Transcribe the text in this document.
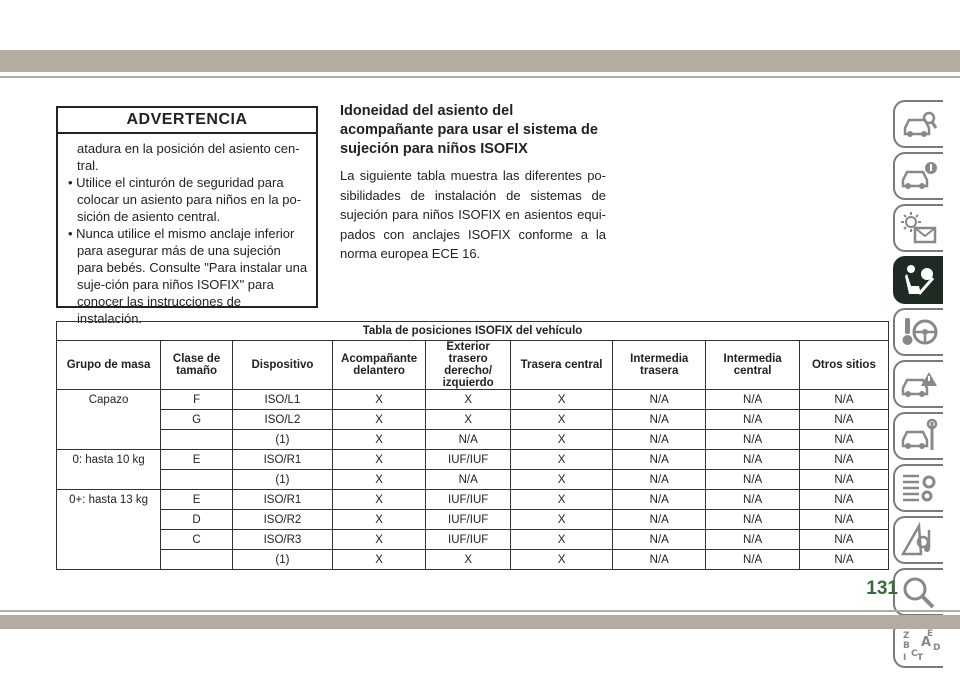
ADVERTENCIA
atadura en la posición del asiento cen-tral.
• Utilice el cinturón de seguridad para colocar un asiento para niños en la po-sición de asiento central.
• Nunca utilice el mismo anclaje inferior para asegurar más de una sujeción para bebés. Consulte "Para instalar una suje-ción para niños ISOFIX" para conocer las instrucciones de instalación.
Idoneidad del asiento del acompañante para usar el sistema de sujeción para niños ISOFIX
La siguiente tabla muestra las diferentes po-sibilidades de instalación de sistemas de sujeción para niños ISOFIX en asientos equi-pados con anclajes ISOFIX conforme a la norma europea ECE 16.
Tabla de posiciones ISOFIX del vehículo								
Grupo de masa	Clase de tamaño	Dispositivo	Acompañante delantero	Exterior trasero derecho/ izquierdo	Trasera central	Intermedia trasera	Intermedia central	Otros sitios
Capazo	F	ISO/L1	X	X	X	N/A	N/A	N/A
	G	ISO/L2	X	X	X	N/A	N/A	N/A
		(1)	X	N/A	X	N/A	N/A	N/A
0: hasta 10 kg	E	ISO/R1	X	IUF/IUF	X	N/A	N/A	N/A
		(1)	X	N/A	X	N/A	N/A	N/A
0+: hasta 13 kg	E	ISO/R1	X	IUF/IUF	X	N/A	N/A	N/A
	D	ISO/R2	X	IUF/IUF	X	N/A	N/A	N/A
	C	ISO/R3	X	IUF/IUF	X	N/A	N/A	N/A
		(1)	X	X	X	N/A	N/A	N/A
Z E
A
B
C
D
I T
131
